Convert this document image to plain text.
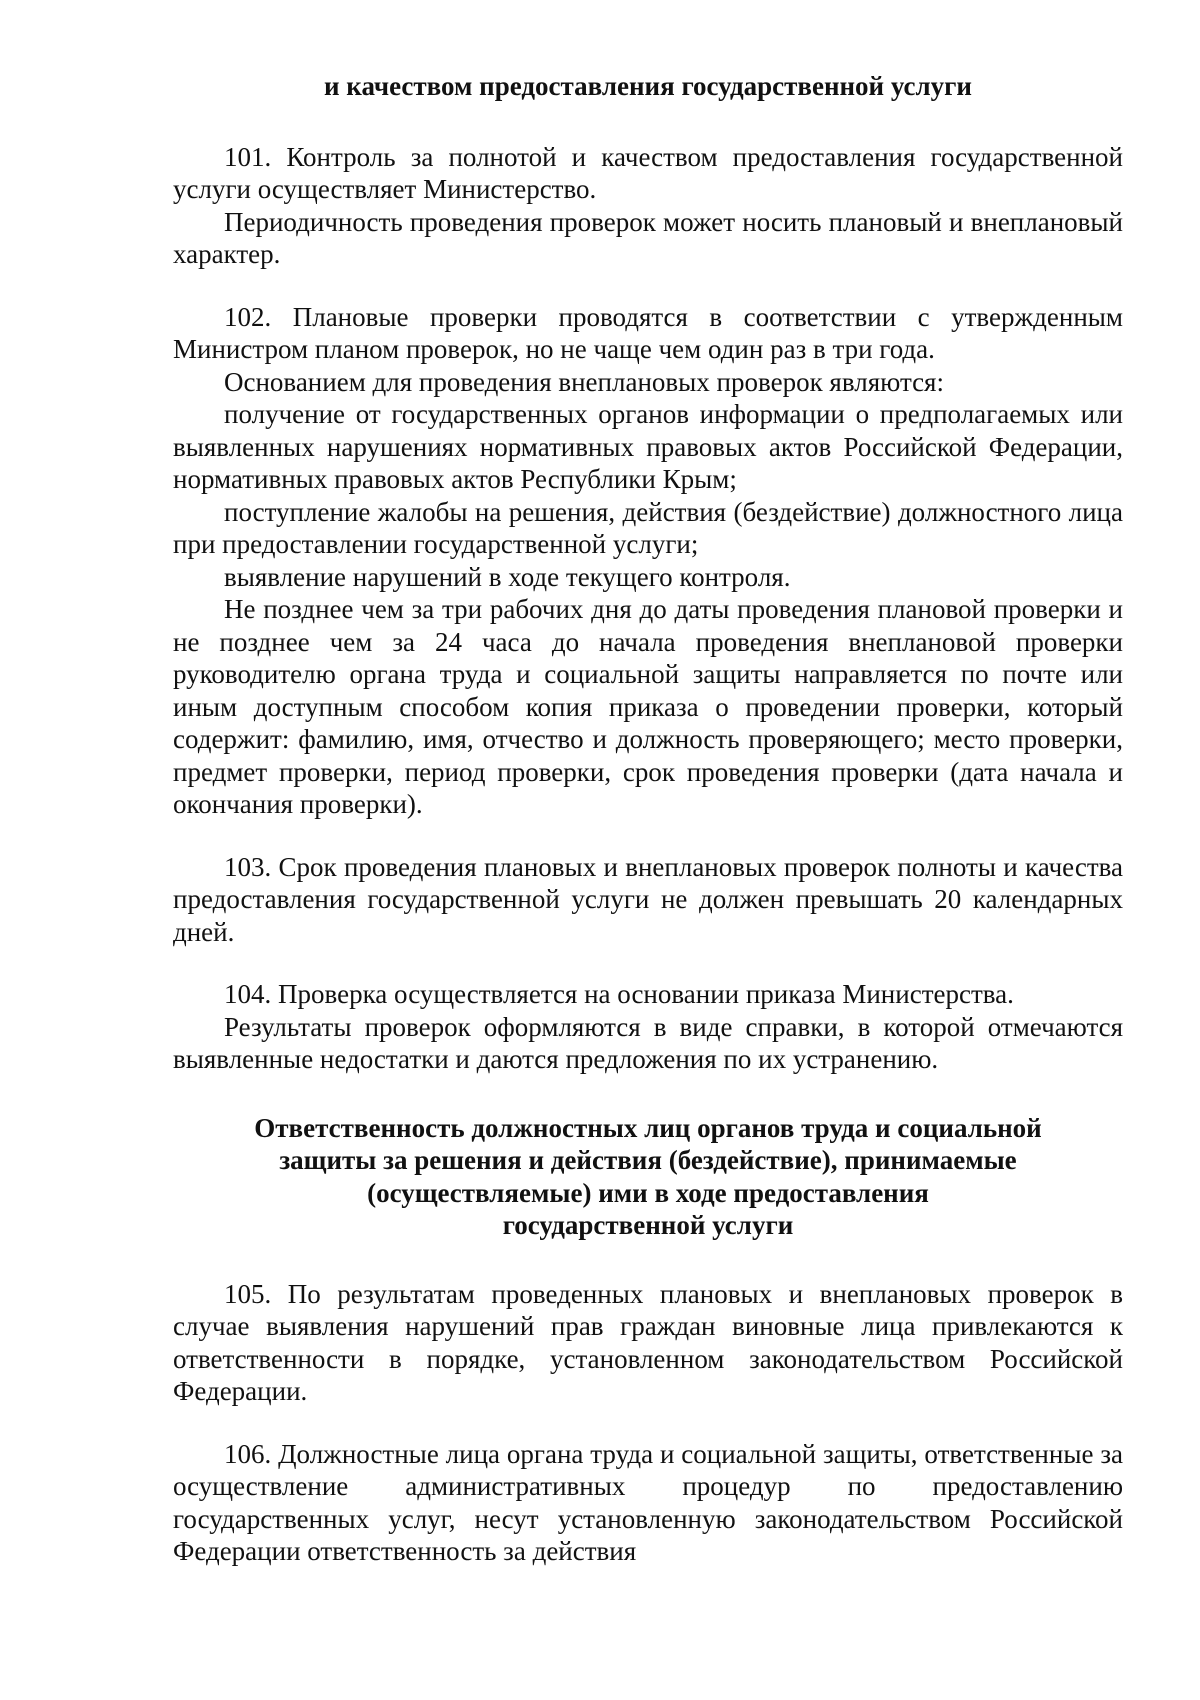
и качеством предоставления государственной услуги

101. Контроль за полнотой и качеством предоставления государственной услуги осуществляет Министерство.

Периодичность проведения проверок может носить плановый и внеплановый характер.

102. Плановые проверки проводятся в соответствии с утвержденным Министром планом проверок, но не чаще чем один раз в три года.

Основанием для проведения внеплановых проверок являются:

получение от государственных органов информации о предполагаемых или выявленных нарушениях нормативных правовых актов Российской Федерации, нормативных правовых актов Республики Крым;

поступление жалобы на решения, действия (бездействие) должностного лица при предоставлении государственной услуги;

выявление нарушений в ходе текущего контроля.

Не позднее чем за три рабочих дня до даты проведения плановой проверки и не позднее чем за 24 часа до начала проведения внеплановой проверки руководителю органа труда и социальной защиты направляется по почте или иным доступным способом копия приказа о проведении проверки, который содержит: фамилию, имя, отчество и должность проверяющего; место проверки, предмет проверки, период проверки, срок проведения проверки (дата начала и окончания проверки).

103. Срок проведения плановых и внеплановых проверок полноты и качества предоставления государственной услуги не должен превышать 20 календарных дней.

104. Проверка осуществляется на основании приказа Министерства.

Результаты проверок оформляются в виде справки, в которой отмечаются выявленные недостатки и даются предложения по их устранению.

Ответственность должностных лиц органов труда и социальной
защиты за решения и действия (бездействие), принимаемые
(осуществляемые) ими в ходе предоставления
государственной услуги

105. По результатам проведенных плановых и внеплановых проверок в случае выявления нарушений прав граждан виновные лица привлекаются к ответственности в порядке, установленном законодательством Российской Федерации.

106. Должностные лица органа труда и социальной защиты, ответственные за осуществление административных процедур по предоставлению государственных услуг, несут установленную законодательством Российской Федерации ответственность за действия
